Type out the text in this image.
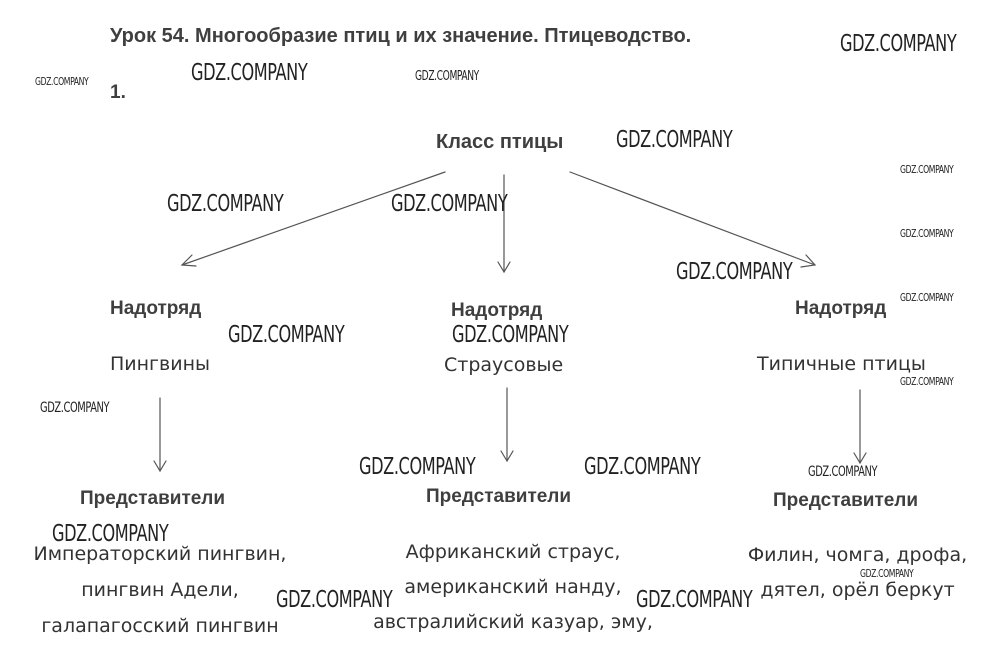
Урок 54. Многообразие птиц и их значение. Птицеводство.
1.
Класс птицы
Надотряд
Пингвины
Представители
Императорский пингвин,
пингвин Адели,
галапагосский пингвин
Надотряд
Страусовые
Представители
Африканский страус,
американский нанду,
австралийский казуар, эму,
Надотряд
Типичные птицы
Представители
Филин, чомга, дрофа,
дятел, орёл беркут
GDZ.COMPANY
GDZ.COMPANY
GDZ.COMPANY	GDZ.COMPANY
GDZ.COMPANY
GDZ.COMPANY
GDZ.COMPANY	GDZ.COMPANY
GDZ.COMPANY
GDZ.COMPANY
GDZ.COMPANY
GDZ.COMPANY	GDZ.COMPANY
GDZ.COMPANY
GDZ.COMPANY
GDZ.COMPANY	GDZ.COMPANY	GDZ.COMPANY
GDZ.COMPANY
GDZ.COMPANY
GDZ.COMPANY	GDZ.COMPANY
